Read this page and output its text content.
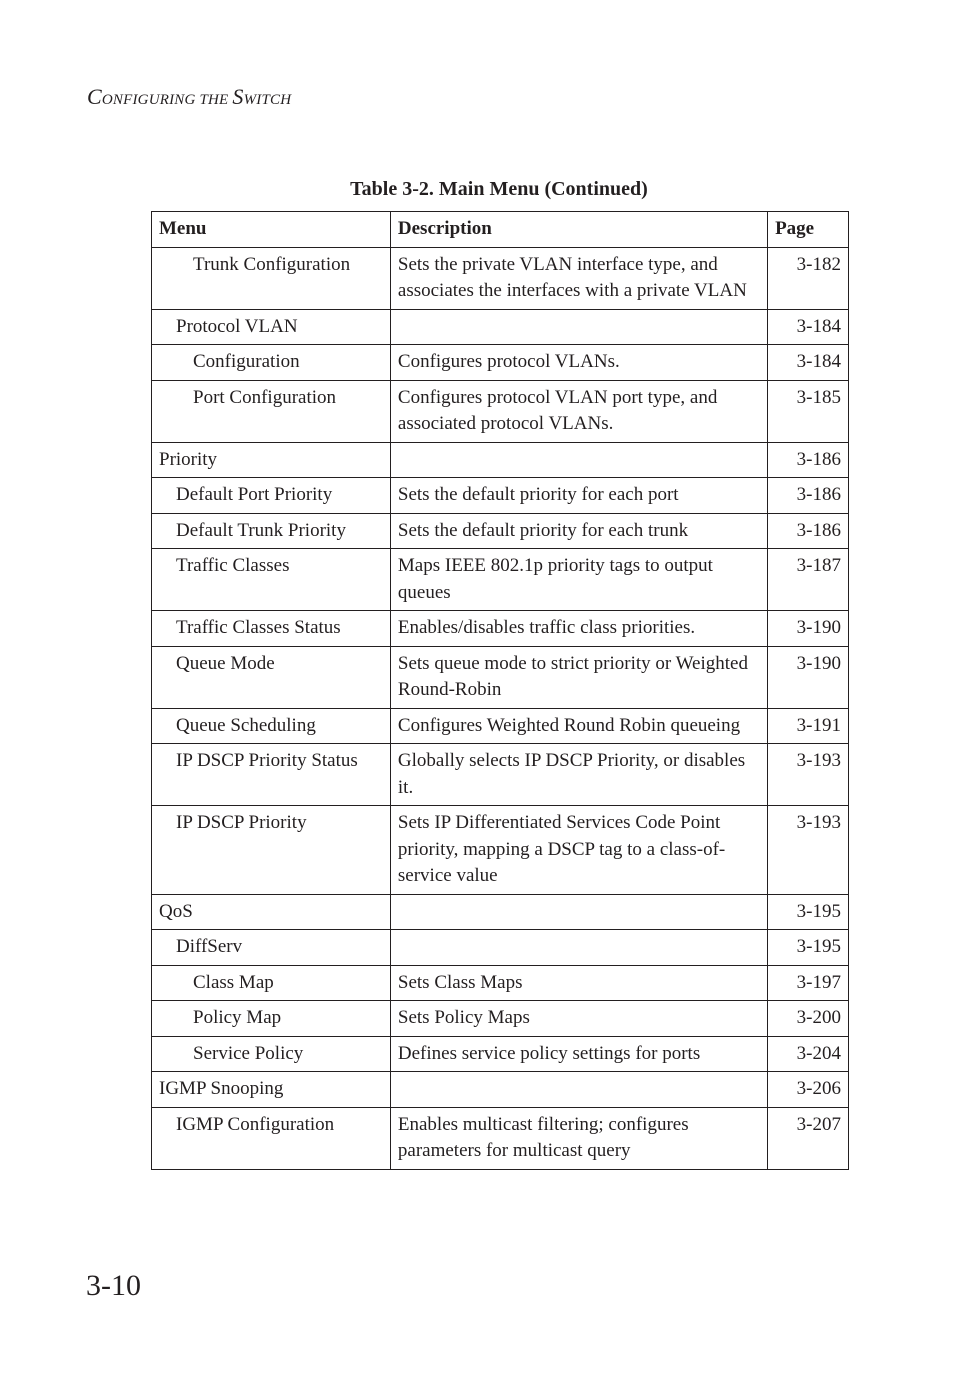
CONFIGURING THE SWITCH
Table 3-2. Main Menu (Continued)
Menu	Description	Page
Trunk Configuration	Sets the private VLAN interface type, and associates the interfaces with a private VLAN	3-182
Protocol VLAN		3-184
Configuration	Configures protocol VLANs.	3-184
Port Configuration	Configures protocol VLAN port type, and associated protocol VLANs.	3-185
Priority		3-186
Default Port Priority	Sets the default priority for each port	3-186
Default Trunk Priority	Sets the default priority for each trunk	3-186
Traffic Classes	Maps IEEE 802.1p priority tags to output queues	3-187
Traffic Classes Status	Enables/disables traffic class priorities.	3-190
Queue Mode	Sets queue mode to strict priority or Weighted Round-Robin	3-190
Queue Scheduling	Configures Weighted Round Robin queueing	3-191
IP DSCP Priority Status	Globally selects IP DSCP Priority, or disables it.	3-193
IP DSCP Priority	Sets IP Differentiated Services Code Point priority, mapping a DSCP tag to a class-of-service value	3-193
QoS		3-195
DiffServ		3-195
Class Map	Sets Class Maps	3-197
Policy Map	Sets Policy Maps	3-200
Service Policy	Defines service policy settings for ports	3-204
IGMP Snooping		3-206
IGMP Configuration	Enables multicast filtering; configures parameters for multicast query	3-207
3-10
